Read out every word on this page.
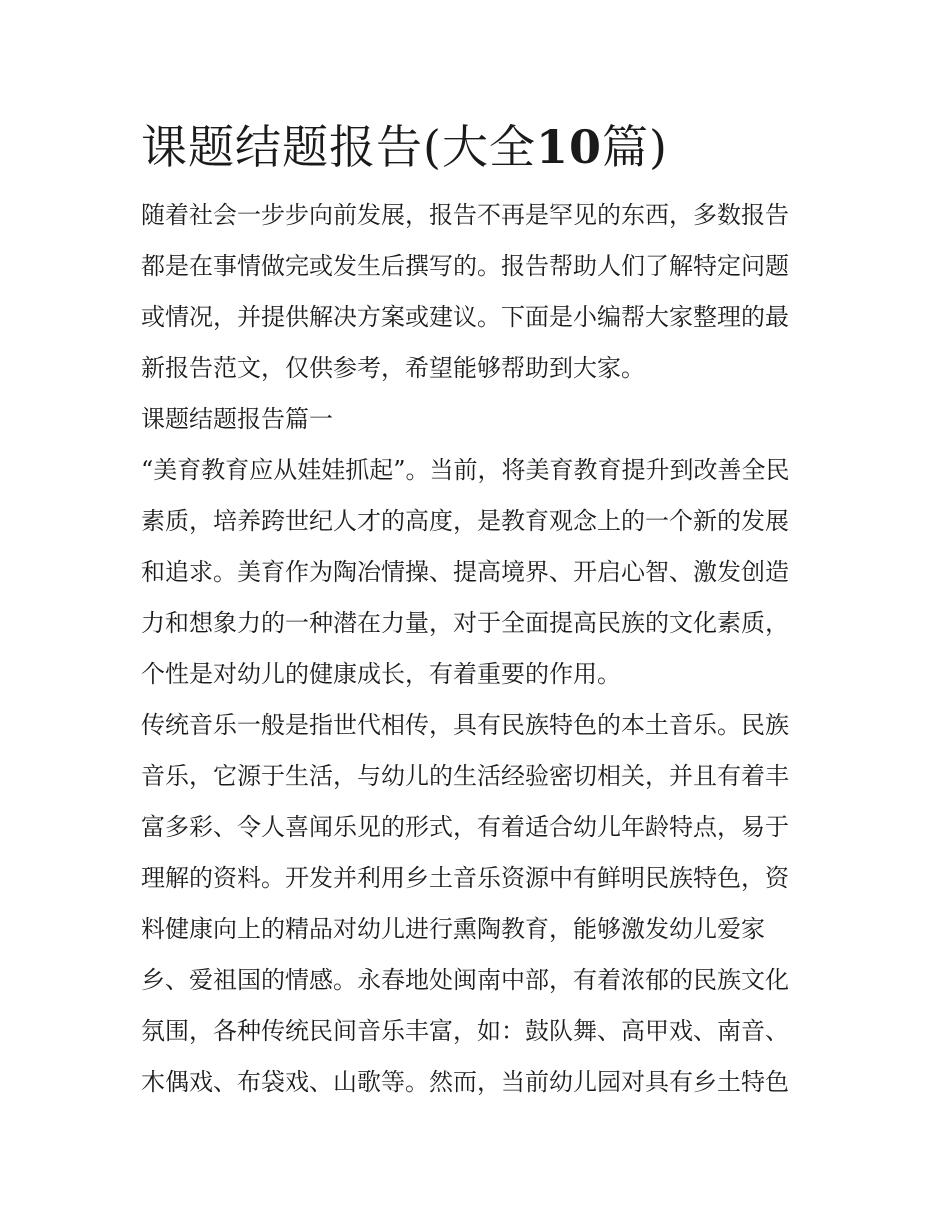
课题结题报告(大全10篇)

随着社会一步步向前发展，报告不再是罕见的东西，多数报告
都是在事情做完或发生后撰写的。报告帮助人们了解特定问题
或情况，并提供解决方案或建议。下面是小编帮大家整理的最
新报告范文，仅供参考，希望能够帮助到大家。

课题结题报告篇一

“美育教育应从娃娃抓起”。当前，将美育教育提升到改善全民
素质，培养跨世纪人才的高度，是教育观念上的一个新的发展
和追求。美育作为陶冶情操、提高境界、开启心智、激发创造
力和想象力的一种潜在力量，对于全面提高民族的文化素质，
个性是对幼儿的健康成长，有着重要的作用。

传统音乐一般是指世代相传，具有民族特色的本土音乐。民族
音乐，它源于生活，与幼儿的生活经验密切相关，并且有着丰
富多彩、令人喜闻乐见的形式，有着适合幼儿年龄特点，易于
理解的资料。开发并利用乡土音乐资源中有鲜明民族特色，资
料健康向上的精品对幼儿进行熏陶教育，能够激发幼儿爱家
乡、爱祖国的情感。永春地处闽南中部，有着浓郁的民族文化
氛围，各种传统民间音乐丰富，如：鼓队舞、高甲戏、南音、
木偶戏、布袋戏、山歌等。然而，当前幼儿园对具有乡土特色
